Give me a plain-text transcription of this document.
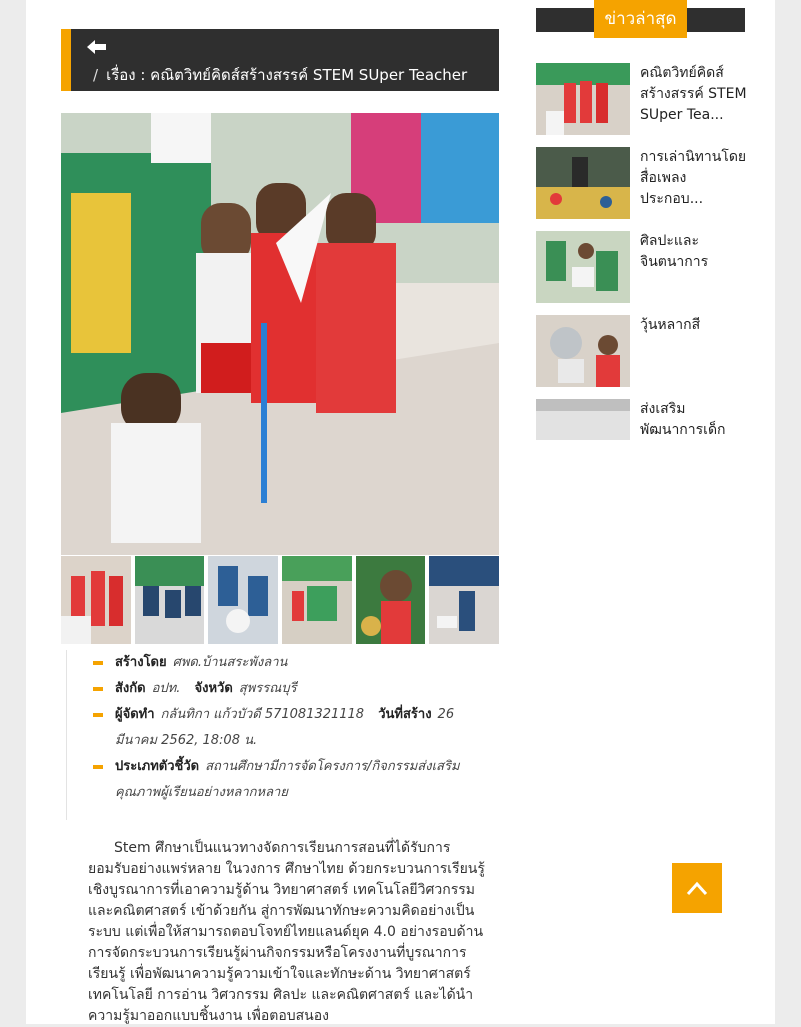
/ เรื่อง : คณิตวิทย์คิดส์สร้างสรรค์ STEM SUper Teacher
สร้างโดย ศพด.บ้านสระพังลาน
สังกัด อปท. จังหวัด สุพรรณบุรี
ผู้จัดทำ กลันทิกา แก้วบัวดี 571081321118 วันที่สร้าง 26 มีนาคม 2562, 18:08 น.
ประเภทตัวชี้วัด สถานศึกษามีการจัดโครงการ/กิจกรรมส่งเสริมคุณภาพผู้เรียนอย่างหลากหลาย
Stem ศึกษาเป็นแนวทางจัดการเรียนการสอนที่ได้รับการยอมรับอย่างแพร่หลาย ในวงการ ศึกษาไทย ด้วยกระบวนการเรียนรู้เชิงบูรณาการที่เอาความรู้ด้าน วิทยาศาสตร์ เทคโนโลยีวิศวกรรม และคณิตศาสตร์ เข้าด้วยกัน สู่การพัฒนาทักษะความคิดอย่างเป็นระบบ แต่เพื่อให้สามารถตอบโจทย์ไทยแลนด์ยุค 4.0 อย่างรอบด้าน การจัดกระบวนการเรียนรู้ผ่านกิจกรรมหรือโครงงานที่บูรณาการเรียนรู้ เพื่อพัฒนาความรู้ความเข้าใจและทักษะด้าน วิทยาศาสตร์ เทคโนโลยี การอ่าน วิศวกรรม ศิลปะ และคณิตศาสตร์ และได้นำความรู้มาออกแบบชิ้นงาน เพื่อตอบสนอง
ข่าวล่าสุด
คณิตวิทย์คิดส์สร้างสรรค์ STEM SUper Tea...
การเล่านิทานโดยสื่อเพลงประกอบ...
ศิลปะและจินตนาการ
วุ้นหลากสี
ส่งเสริมพัฒนาการเด็ก
